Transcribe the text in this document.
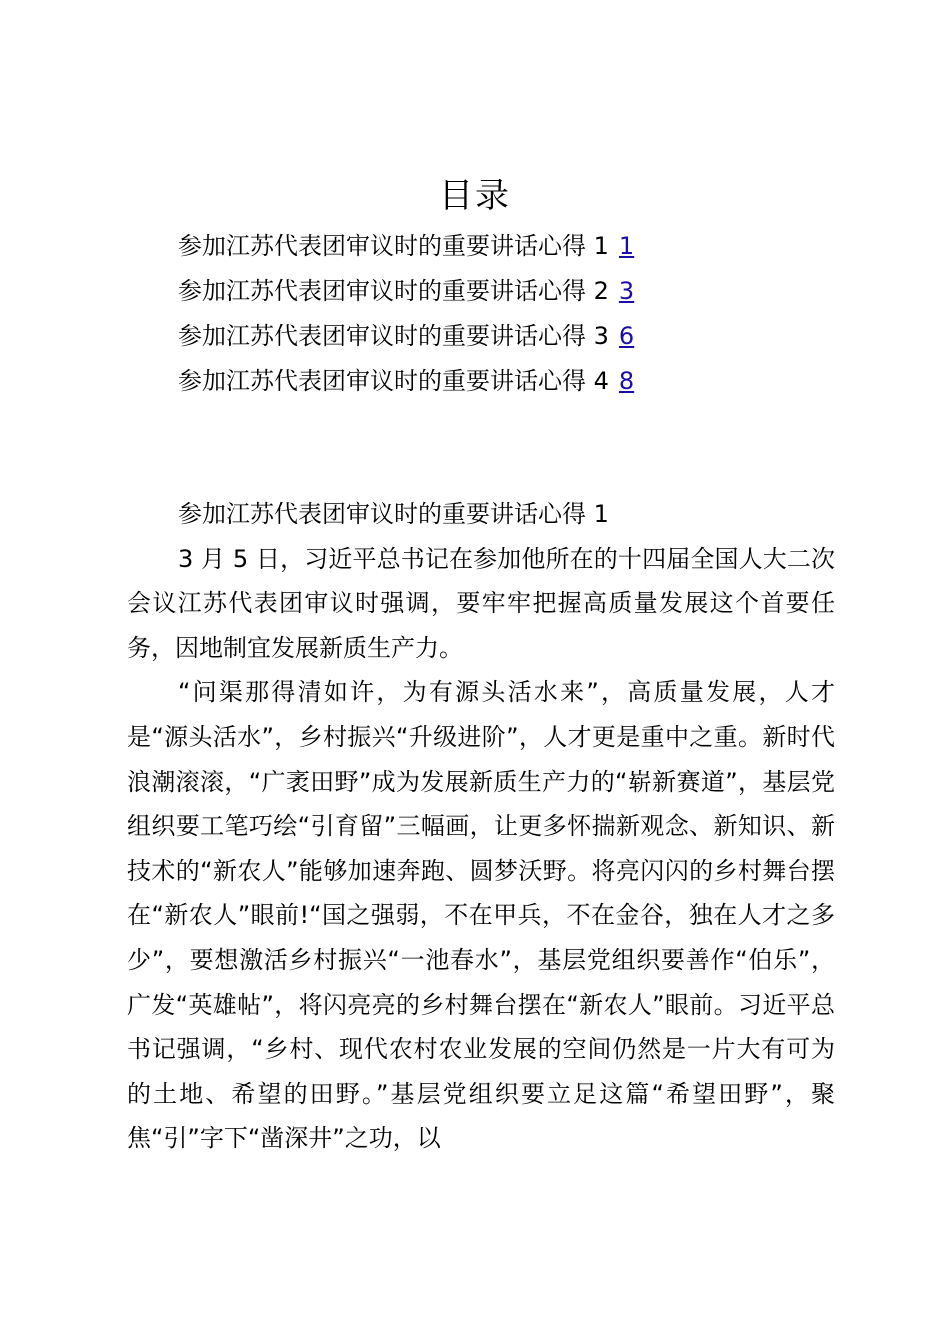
目录
参加江苏代表团审议时的重要讲话心得 1 1
参加江苏代表团审议时的重要讲话心得 2 3
参加江苏代表团审议时的重要讲话心得 3 6
参加江苏代表团审议时的重要讲话心得 4 8

参加江苏代表团审议时的重要讲话心得 1

3 月 5 日，习近平总书记在参加他所在的十四届全国人大二次会议江苏代表团审议时强调，要牢牢把握高质量发展这个首要任务，因地制宜发展新质生产力。

“问渠那得清如许，为有源头活水来”，高质量发展，人才是“源头活水”，乡村振兴“升级进阶”，人才更是重中之重。新时代浪潮滚滚，“广袤田野”成为发展新质生产力的“崭新赛道”，基层党组织要工笔巧绘“引育留”三幅画，让更多怀揣新观念、新知识、新技术的“新农人”能够加速奔跑、圆梦沃野。将亮闪闪的乡村舞台摆在“新农人”眼前!“国之强弱，不在甲兵，不在金谷，独在人才之多少”，要想激活乡村振兴“一池春水”，基层党组织要善作“伯乐”，广发“英雄帖”，将闪亮亮的乡村舞台摆在“新农人”眼前。习近平总书记强调，“乡村、现代农村农业发展的空间仍然是一片大有可为的土地、希望的田野。”基层党组织要立足这篇“希望田野”，聚焦“引”字下“凿深井”之功，以
